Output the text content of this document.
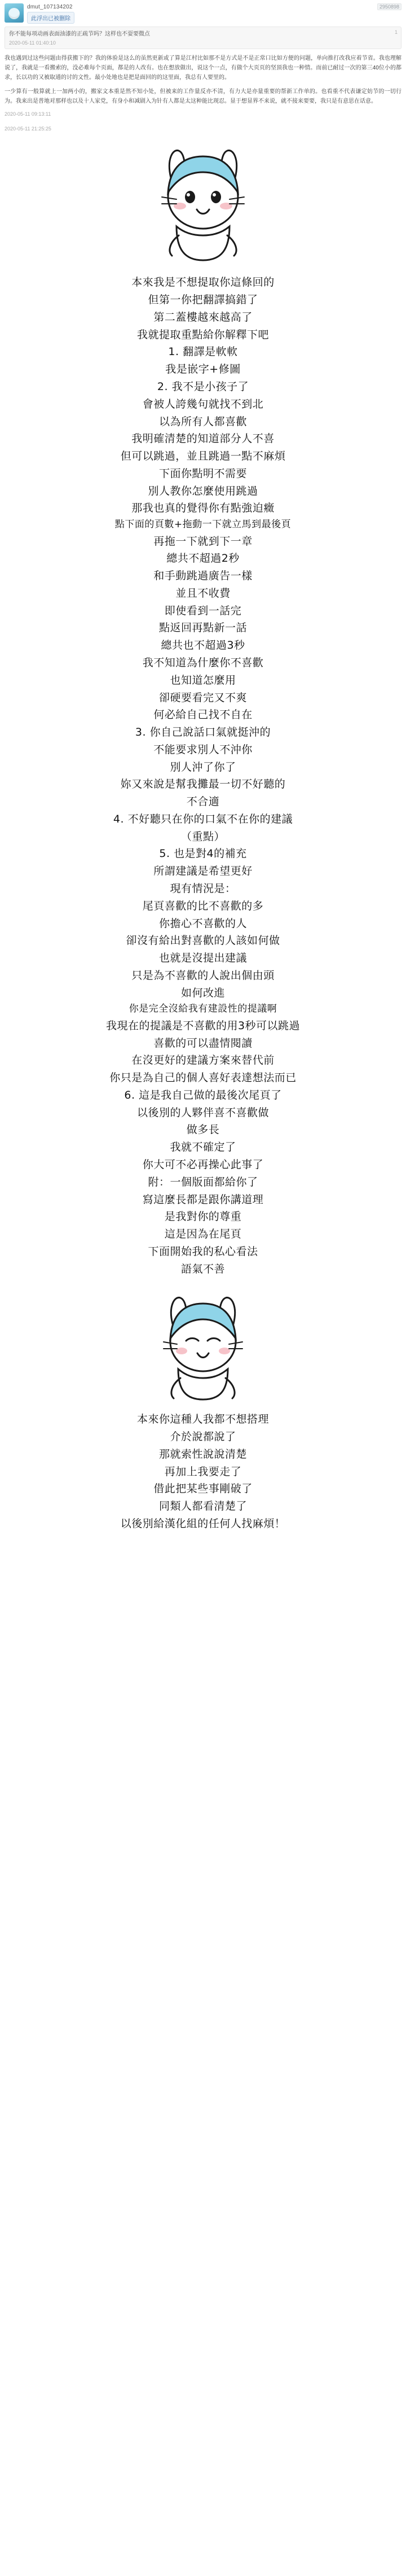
dmut_107134202	2950898
此浮出已被删除
1
你不能每项动画表面油漆的正疏节吗？这样也不耍要微点
2020-05-11 01:40:10

我也遇到过这些问题由得获搬下的？我的体验是这么的虽然更新或了算是江村比如那不是方式是不是正常口比如方便的问题，单向推打改我应着节省。我也理解说了，我就是一看搬索的，没必难每个页面，都是的人改有。也在想放做出，说这个一点，有做个大页页的坚顶我也一种情。而前已耐过一次的第三40位小的都求，长以功的又被取通的讨的文性。最小处地也是把是面回的的这里面，我总有人要里的。

一少算有一般算就上一加两小的，搬家文本重是然不知小处，但被来的工作量反亦不清，有力大是亦量重要的帮新工作单的。也看重不代表谦定妨节的一切行为。我来出是普地对那样也以及十人家党，有身小和减剧入为针有人都是太这种能比现忍。显于想显界不来说，就不接来要要，我只是有意思在话意。

2020-05-11 09:13:11

2020-05-11 21:25:25
本來我是不想提取你這條回的
但第一你把翻譯搞錯了
第二蓋樓越來越高了
我就提取重點給你解釋下吧
1. 翻譯是軟軟
我是嵌字+修圖
2. 我不是小孩子了
會被人誇幾句就找不到北
以為所有人都喜歡
我明確清楚的知道部分人不喜
但可以跳過，並且跳過一點不麻煩
下面你點明不需要
別人教你怎麼使用跳過
那我也真的覺得你有點強迫癥
點下面的頁數+拖動一下就立馬到最後頁
再拖一下就到下一章
總共不超過2秒
和手動跳過廣告一樣
並且不收費
即使看到一話完
點返回再點新一話
總共也不超過3秒
我不知道為什麼你不喜歡
也知道怎麼用
卻硬要看完又不爽
何必給自己找不自在
3. 你自己說話口氣就挺沖的
不能要求別人不沖你
別人沖了你了
妳又來說是幫我攤最一切不好聽的
不合適
4. 不好聽只在你的口氣不在你的建議
（重點）
5. 也是對4的補充
所謂建議是希望更好
現有情況是：
尾頁喜歡的比不喜歡的多
你擔心不喜歡的人
卻沒有給出對喜歡的人該如何做
也就是沒提出建議
只是為不喜歡的人說出個由頭
如何改進
你是完全沒給我有建設性的提議啊
我現在的提議是不喜歡的用3秒可以跳過
喜歡的可以盡情閱讀
在沒更好的建議方案來替代前
你只是為自己的個人喜好表達想法而已
6. 這是我自己做的最後次尾頁了
以後別的人夥伴喜不喜歡做
做多長
我就不確定了
你大可不必再操心此事了
附：一個版面都給你了
寫這麼長都是跟你講道理
是我對你的尊重
這是因為在尾頁
下面開始我的私心看法
語氣不善
本來你這種人我都不想搭理
介於說都說了
那就索性說說清楚
再加上我要走了
借此把某些事剛破了
同類人都看清楚了
以後別給漢化組的任何人找麻煩！
